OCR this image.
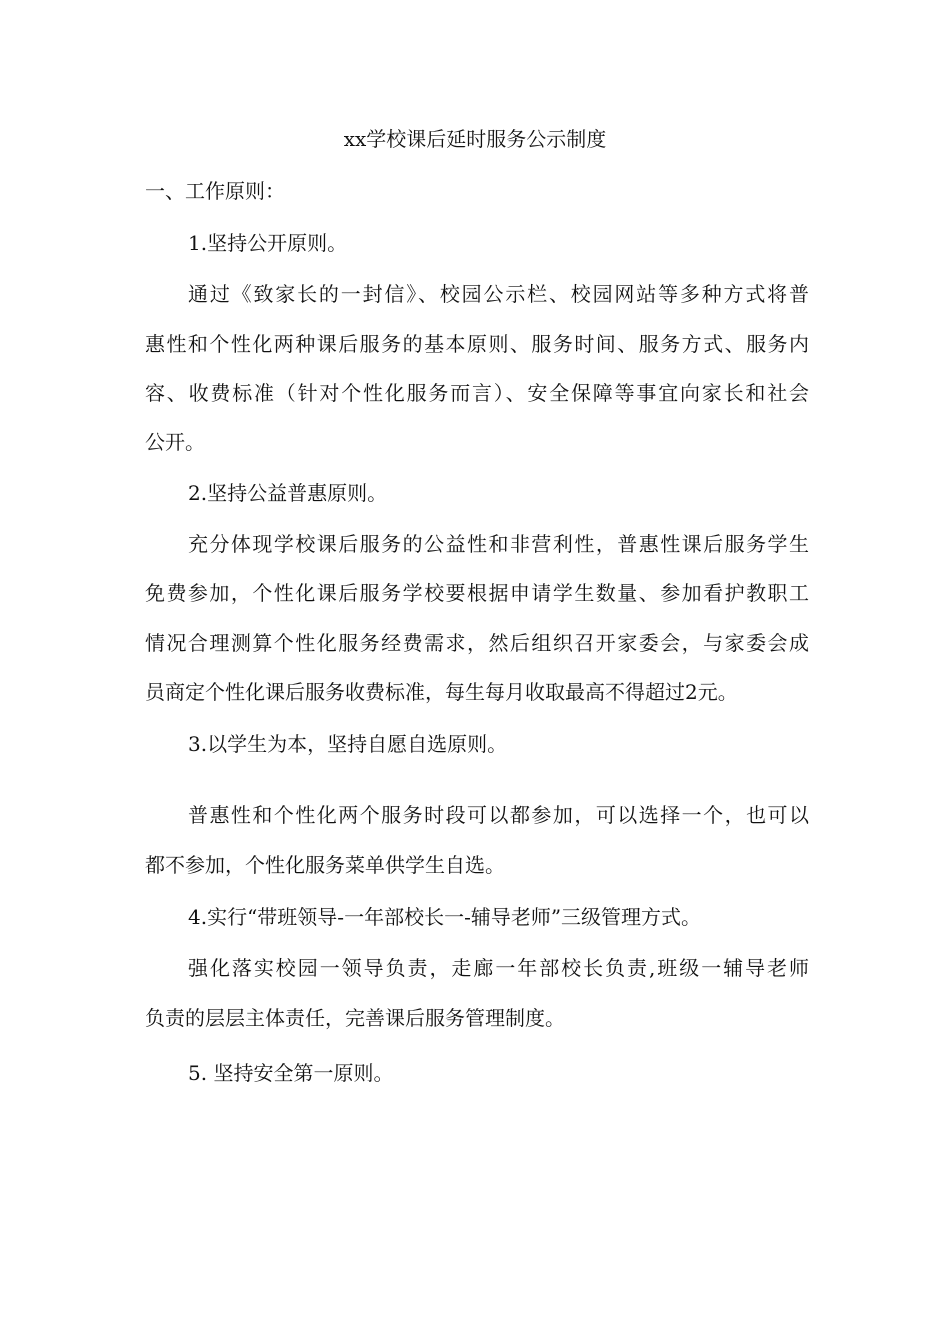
xx学校课后延时服务公示制度
一、工作原则：
1.坚持公开原则。
通过《致家长的一封信》、校园公示栏、校园网站等多种方式将普
惠性和个性化两种课后服务的基本原则、服务时间、服务方式、服务内
容、收费标准（针对个性化服务而言）、安全保障等事宜向家长和社会
公开。
2.坚持公益普惠原则。
充分体现学校课后服务的公益性和非营利性，普惠性课后服务学生
免费参加，个性化课后服务学校要根据申请学生数量、参加看护教职工
情况合理测算个性化服务经费需求，然后组织召开家委会，与家委会成
员商定个性化课后服务收费标准，每生每月收取最高不得超过2元。
3.以学生为本，坚持自愿自选原则。
普惠性和个性化两个服务时段可以都参加，可以选择一个，也可以
都不参加，个性化服务菜单供学生自选。
4.实行“带班领导-一年部校长一-辅导老师”三级管理方式。
强化落实校园一领导负责，走廊一年部校长负责,班级一辅导老师
负责的层层主体责任，完善课后服务管理制度。
5. 坚持安全第一原则。
